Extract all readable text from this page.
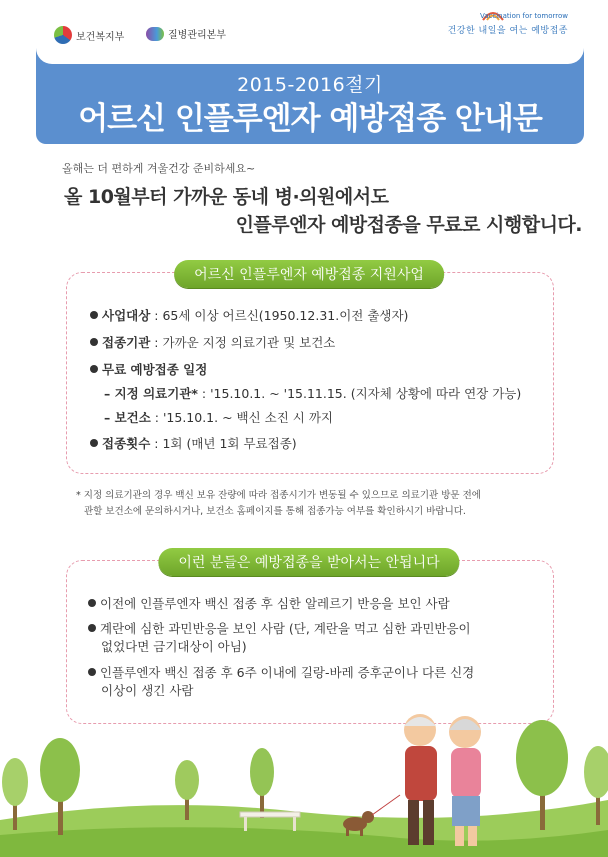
보건복지부	질병관리본부
Vaccination for tomorrow
건강한 내일을 여는 예방접종
2015-2016절기
어르신 인플루엔자 예방접종 안내문
올해는 더 편하게 겨울건강 준비하세요~
올 10월부터 가까운 동네 병·의원에서도
인플루엔자 예방접종을 무료로 시행합니다.
어르신 인플루엔자 예방접종 지원사업
사업대상 : 65세 이상 어르신(1950.12.31.이전 출생자)
접종기관 : 가까운 지정 의료기관 및 보건소
무료 예방접종 일정
– 지정 의료기관* : '15.10.1. ~ '15.11.15. (지자체 상황에 따라 연장 가능)
– 보건소 : '15.10.1. ~ 백신 소진 시 까지
접종횟수 : 1회 (매년 1회 무료접종)
* 지정 의료기관의 경우 백신 보유 잔량에 따라 접종시기가 변동될 수 있으므로 의료기관 방문 전에
관할 보건소에 문의하시거나, 보건소 홈페이지를 통해 접종가능 여부를 확인하시기 바랍니다.
이런 분들은 예방접종을 받아서는 안됩니다
이전에 인플루엔자 백신 접종 후 심한 알레르기 반응을 보인 사람
계란에 심한 과민반응을 보인 사람 (단, 계란을 먹고 심한 과민반응이
없었다면 금기대상이 아님)
인플루엔자 백신 접종 후 6주 이내에 길랑-바레 증후군이나 다른 신경
이상이 생긴 사람
